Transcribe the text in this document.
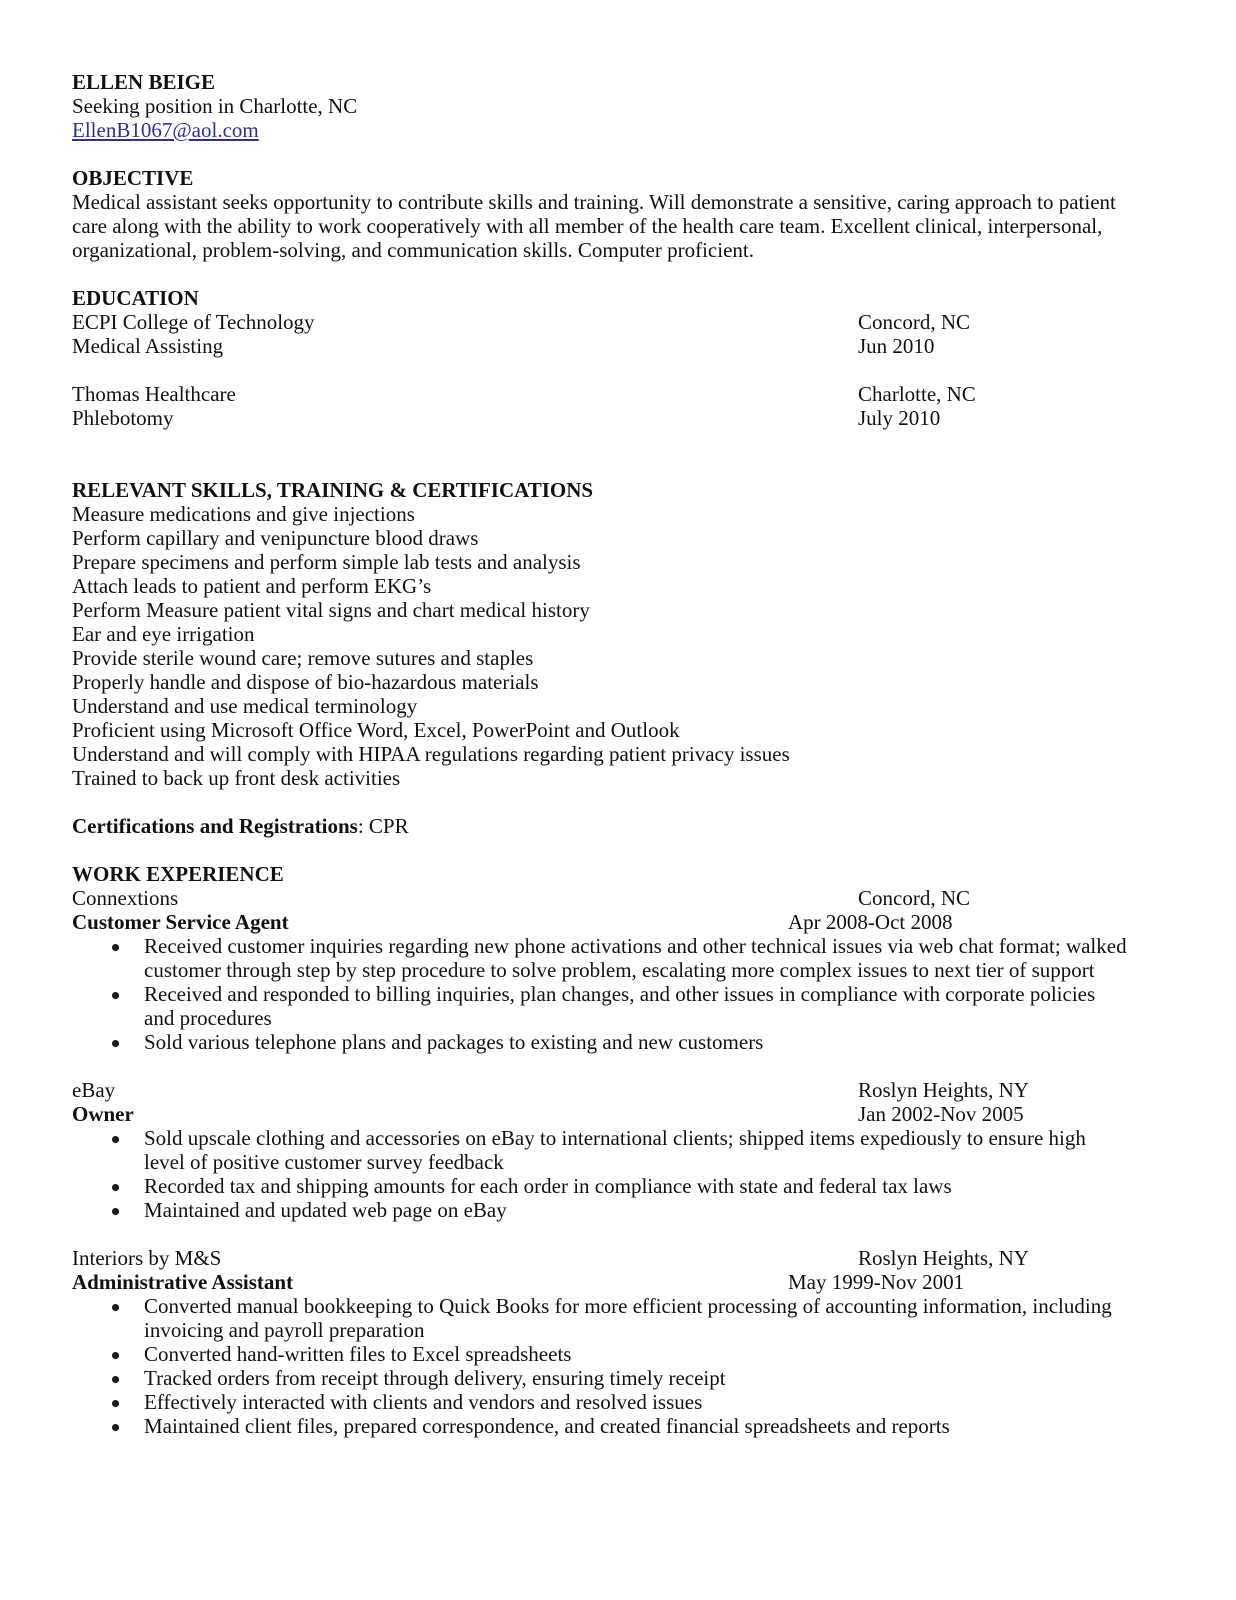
ELLEN BEIGE
Seeking position in Charlotte, NC
EllenB1067@aol.com
OBJECTIVE
Medical assistant seeks opportunity to contribute skills and training. Will demonstrate a sensitive, caring approach to patient
care along with the ability to work cooperatively with all member of the health care team. Excellent clinical, interpersonal,
organizational, problem-solving, and communication skills. Computer proficient.
EDUCATION
ECPI College of Technology	Concord, NC
Medical Assisting	Jun 2010
Thomas Healthcare	Charlotte, NC
Phlebotomy	July 2010
RELEVANT SKILLS, TRAINING & CERTIFICATIONS
Measure medications and give injections
Perform capillary and venipuncture blood draws
Prepare specimens and perform simple lab tests and analysis
Attach leads to patient and perform EKG’s
Perform Measure patient vital signs and chart medical history
Ear and eye irrigation
Provide sterile wound care; remove sutures and staples
Properly handle and dispose of bio-hazardous materials
Understand and use medical terminology
Proficient using Microsoft Office Word, Excel, PowerPoint and Outlook
Understand and will comply with HIPAA regulations regarding patient privacy issues
Trained to back up front desk activities
Certifications and Registrations: CPR
WORK EXPERIENCE
Connextions	Concord, NC
Customer Service Agent	Apr 2008-Oct 2008
Received customer inquiries regarding new phone activations and other technical issues via web chat format; walked customer through step by step procedure to solve problem, escalating more complex issues to next tier of support
Received and responded to billing inquiries, plan changes, and other issues in compliance with corporate policies and procedures
Sold various telephone plans and packages to existing and new customers
eBay	Roslyn Heights, NY
Owner	Jan 2002-Nov 2005
Sold upscale clothing and accessories on eBay to international clients; shipped items expediously to ensure high level of positive customer survey feedback
Recorded tax and shipping amounts for each order in compliance with state and federal tax laws
Maintained and updated web page on eBay
Interiors by M&S	Roslyn Heights, NY
Administrative Assistant	May 1999-Nov 2001
Converted manual bookkeeping to Quick Books for more efficient processing of accounting information, including invoicing and payroll preparation
Converted hand-written files to Excel spreadsheets
Tracked orders from receipt through delivery, ensuring timely receipt
Effectively interacted with clients and vendors and resolved issues
Maintained client files, prepared correspondence, and created financial spreadsheets and reports
